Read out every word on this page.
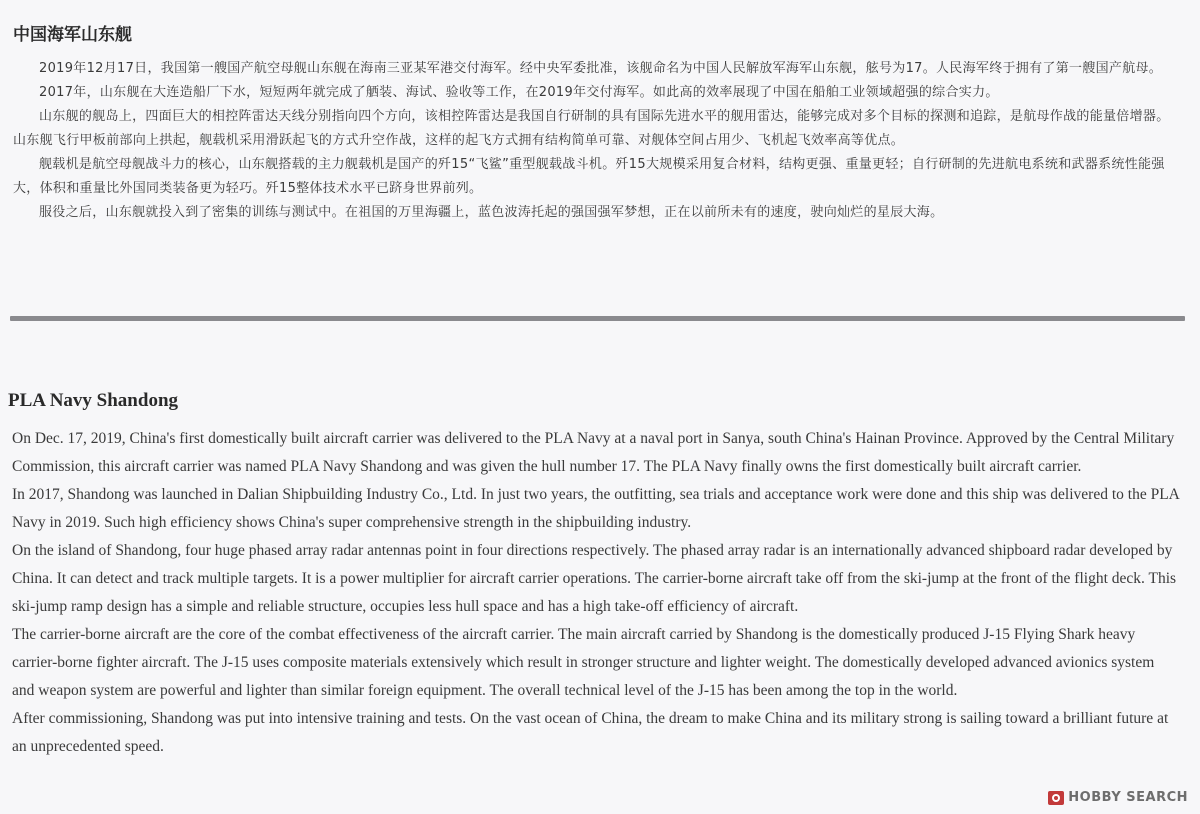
中国海军山东舰

2019年12月17日，我国第一艘国产航空母舰山东舰在海南三亚某军港交付海军。经中央军委批准，该舰命名为中国人民解放军海军山东舰，舷号为17。人民海军终于拥有了第一艘国产航母。

2017年，山东舰在大连造船厂下水，短短两年就完成了舾装、海试、验收等工作，在2019年交付海军。如此高的效率展现了中国在船舶工业领域超强的综合实力。

山东舰的舰岛上，四面巨大的相控阵雷达天线分别指向四个方向，该相控阵雷达是我国自行研制的具有国际先进水平的舰用雷达，能够完成对多个目标的探测和追踪，是航母作战的能量倍增器。山东舰飞行甲板前部向上拱起，舰载机采用滑跃起飞的方式升空作战，这样的起飞方式拥有结构简单可靠、对舰体空间占用少、飞机起飞效率高等优点。

舰载机是航空母舰战斗力的核心，山东舰搭载的主力舰载机是国产的歼15“飞鲨”重型舰载战斗机。歼15大规模采用复合材料，结构更强、重量更轻；自行研制的先进航电系统和武器系统性能强大，体积和重量比外国同类装备更为轻巧。歼15整体技术水平已跻身世界前列。

服役之后，山东舰就投入到了密集的训练与测试中。在祖国的万里海疆上，蓝色波涛托起的强国强军梦想，正在以前所未有的速度，驶向灿烂的星辰大海。

PLA Navy Shandong

On Dec. 17, 2019, China's first domestically built aircraft carrier was delivered to the PLA Navy at a naval port in Sanya, south China's Hainan Province. Approved by the Central Military Commission, this aircraft carrier was named PLA Navy Shandong and was given the hull number 17. The PLA Navy finally owns the first domestically built aircraft carrier.

In 2017, Shandong was launched in Dalian Shipbuilding Industry Co., Ltd. In just two years, the outfitting, sea trials and acceptance work were done and this ship was delivered to the PLA Navy in 2019. Such high efficiency shows China's super comprehensive strength in the shipbuilding industry.

On the island of Shandong, four huge phased array radar antennas point in four directions respectively. The phased array radar is an internationally advanced shipboard radar developed by China. It can detect and track multiple targets. It is a power multiplier for aircraft carrier operations. The carrier-borne aircraft take off from the ski-jump at the front of the flight deck. This ski-jump ramp design has a simple and reliable structure, occupies less hull space and has a high take-off efficiency of aircraft.

The carrier-borne aircraft are the core of the combat effectiveness of the aircraft carrier. The main aircraft carried by Shandong is the domestically produced J-15 Flying Shark heavy carrier-borne fighter aircraft. The J-15 uses composite materials extensively which result in stronger structure and lighter weight. The domestically developed advanced avionics system and weapon system are powerful and lighter than similar foreign equipment. The overall technical level of the J-15 has been among the top in the world.

After commissioning, Shandong was put into intensive training and tests. On the vast ocean of China, the dream to make China and its military strong is sailing toward a brilliant future at an unprecedented speed.

HOBBY SEARCH
